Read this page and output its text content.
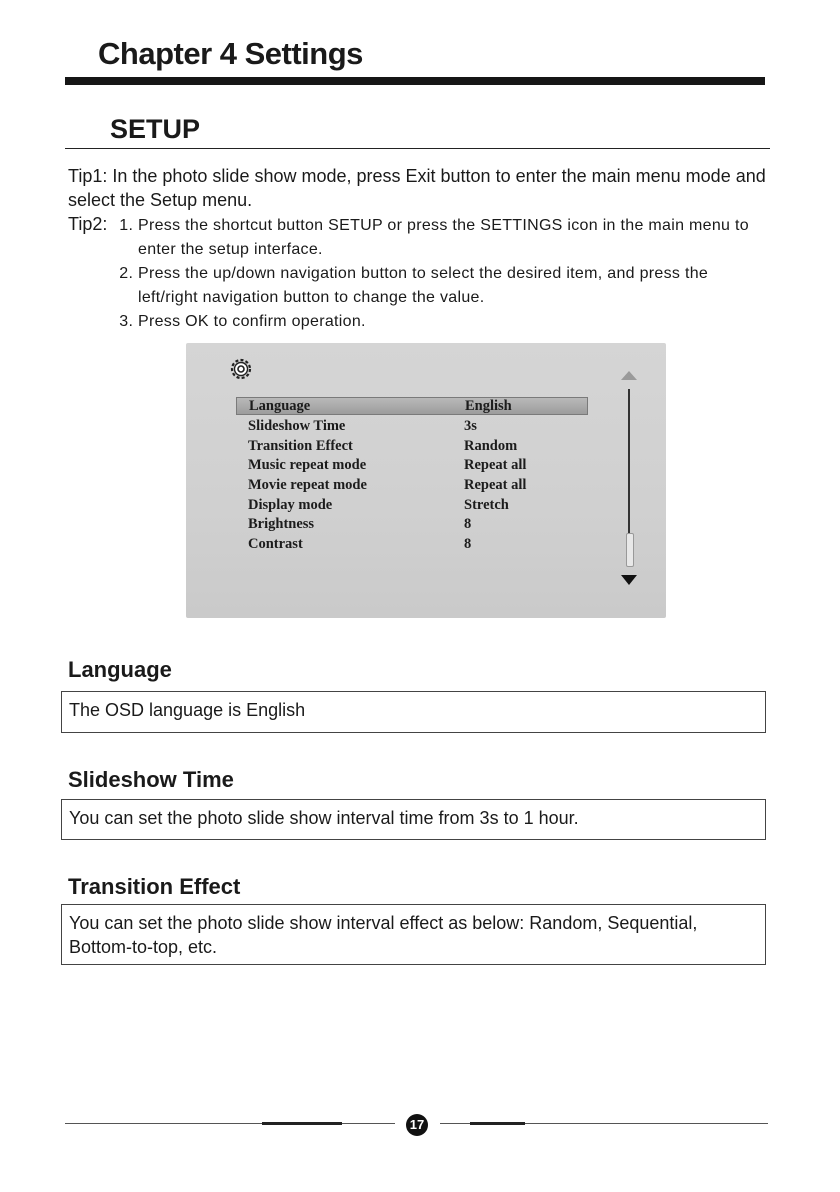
Chapter 4 Settings
SETUP

Tip1: In the photo slide show mode, press Exit button to enter the main menu mode and select the Setup menu.

Tip2:
1.	Press the shortcut button SETUP or press the SETTINGS icon in the main menu to enter the setup interface.
2. Press the up/down navigation button to select the desired item, and press the left/right navigation button to change the value.
3. Press OK to confirm operation.
Language	English
Slideshow Time	3s
Transition Effect	Random
Music repeat mode	Repeat all
Movie repeat mode	Repeat all
Display mode	Stretch
Brightness	8
Contrast	8
Language
The OSD language is English
Slideshow Time
You can set the photo slide show interval time from 3s to 1 hour.
Transition Effect
You can set the photo slide show interval effect as below: Random, Sequential, Bottom-to-top, etc.
17
